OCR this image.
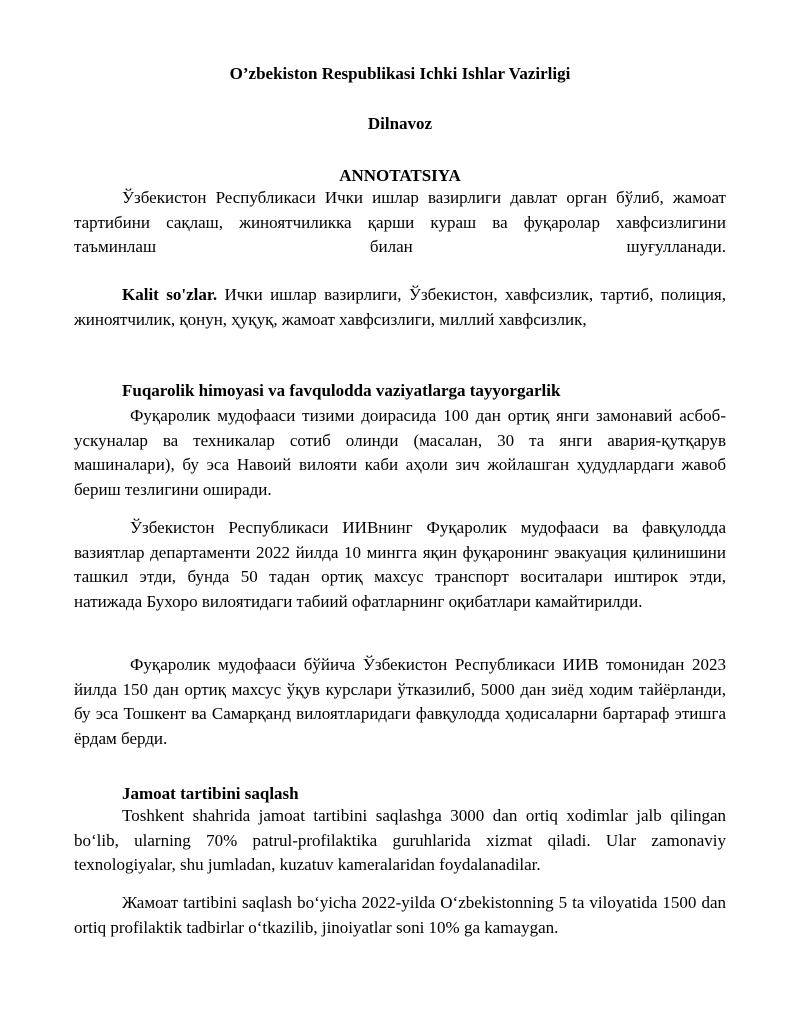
O’zbekiston Respublikasi Ichki Ishlar Vazirligi
Dilnavoz
ANNOTATSIYA
Ўзбекистон Республикаси Ички ишлар вазирлиги давлат орган бўлиб, жамоат тартибини сақлаш, жиноятчиликка қарши кураш ва фуқаролар хавфсизлигини таъминлаш билан шуғулланади.
Kalit so'zlar. Ички ишлар вазирлиги, Ўзбекистон, хавфсизлик, тартиб, полиция, жиноятчилик, қонун, ҳуқуқ, жамоат хавфсизлиги, миллий хавфсизлик,
Fuqarolik himoyasi va favqulodda vaziyatlarga tayyorgarlik
Фуқаролик мудофааси тизими доирасида 100 дан ортиқ янги замонавий асбоб-ускуналар ва техникалар сотиб олинди (масалан, 30 та янги авария-қутқарув машиналари), бу эса Навоий вилояти каби аҳоли зич жойлашган ҳудудлардаги жавоб бериш тезлигини оширади.
Ўзбекистон Республикаси ИИВнинг Фуқаролик мудофааси ва фавқулодда вазиятлар департаменти 2022 йилда 10 мингга яқин фуқаронинг эвакуация қилинишини ташкил этди, бунда 50 тадан ортиқ махсус транспорт воситалари иштирок этди, натижада Бухоро вилоятидаги табиий офатларнинг оқибатлари камайтирилди.
Фуқаролик мудофааси бўйича Ўзбекистон Республикаси ИИВ томонидан 2023 йилда 150 дан ортиқ махсус ўқув курслари ўтказилиб, 5000 дан зиёд ходим тайёрланди, бу эса Тошкент ва Самарқанд вилоятларидаги фавқулодда ҳодисаларни бартараф этишга ёрдам берди.
Jamoat tartibini saqlash
Toshkent shahrida jamoat tartibini saqlashga 3000 dan ortiq xodimlar jalb qilingan bo‘lib, ularning 70% patrul-profilaktika guruhlarida xizmat qiladi. Ular zamonaviy texnologiyalar, shu jumladan, kuzatuv kameralaridan foydalanadilar.
Жамоат tartibini saqlash bo‘yicha 2022-yilda O‘zbekistonning 5 ta viloyatida 1500 dan ortiq profilaktik tadbirlar o‘tkazilib, jinoiyatlar soni 10% ga kamaygan.
